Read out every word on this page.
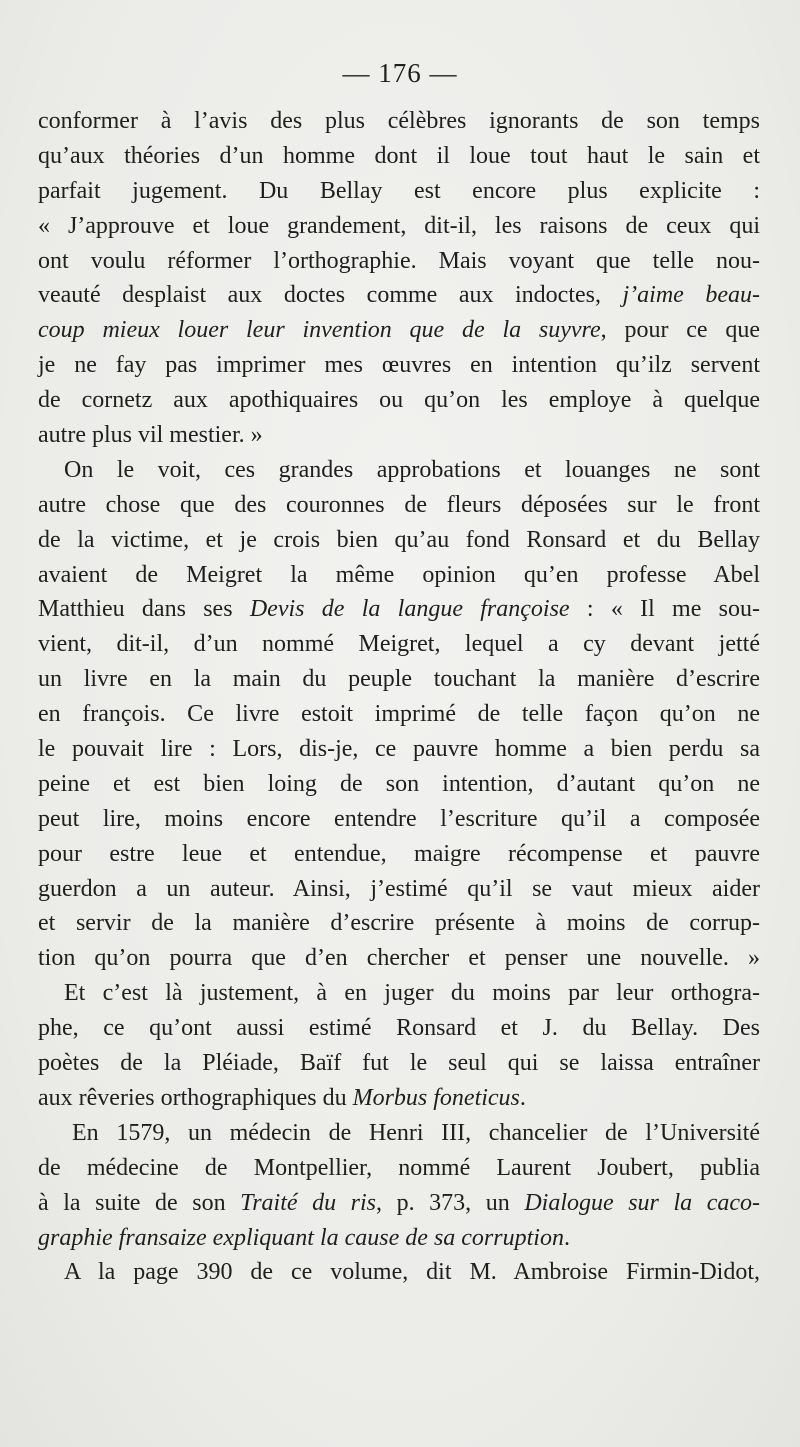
— 176 —
conformer à l’avis des plus célèbres ignorants de son temps
qu’aux théories d’un homme dont il loue tout haut le sain et
parfait jugement. Du Bellay est encore plus explicite :
« J’approuve et loue grandement, dit-il, les raisons de ceux qui
ont voulu réformer l’orthographie. Mais voyant que telle nou-
veauté desplaist aux doctes comme aux indoctes, j’aime beau-
coup mieux louer leur invention que de la suyvre, pour ce que
je ne fay pas imprimer mes œuvres en intention qu’ilz servent
de cornetz aux apothiquaires ou qu’on les employe à quelque
autre plus vil mestier. »
On le voit, ces grandes approbations et louanges ne sont
autre chose que des couronnes de fleurs déposées sur le front
de la victime, et je crois bien qu’au fond Ronsard et du Bellay
avaient de Meigret la même opinion qu’en professe Abel
Matthieu dans ses Devis de la langue françoise : « Il me sou-
vient, dit-il, d’un nommé Meigret, lequel a cy devant jetté
un livre en la main du peuple touchant la manière d’escrire
en françois. Ce livre estoit imprimé de telle façon qu’on ne
le pouvait lire : Lors, dis-je, ce pauvre homme a bien perdu sa
peine et est bien loing de son intention, d’autant qu’on ne
peut lire, moins encore entendre l’escriture qu’il a composée
pour estre leue et entendue, maigre récompense et pauvre
guerdon a un auteur. Ainsi, j’estimé qu’il se vaut mieux aider
et servir de la manière d’escrire présente à moins de corrup-
tion qu’on pourra que d’en chercher et penser une nouvelle. »
Et c’est là justement, à en juger du moins par leur orthogra-
phe, ce qu’ont aussi estimé Ronsard et J. du Bellay. Des
poètes de la Pléiade, Baïf fut le seul qui se laissa entraîner
aux rêveries orthographiques du Morbus foneticus.
En 1579, un médecin de Henri III, chancelier de l’Université
de médecine de Montpellier, nommé Laurent Joubert, publia
à la suite de son Traité du ris, p. 373, un Dialogue sur la caco-
graphie fransaize expliquant la cause de sa corruption.
A la page 390 de ce volume, dit M. Ambroise Firmin-Didot,
